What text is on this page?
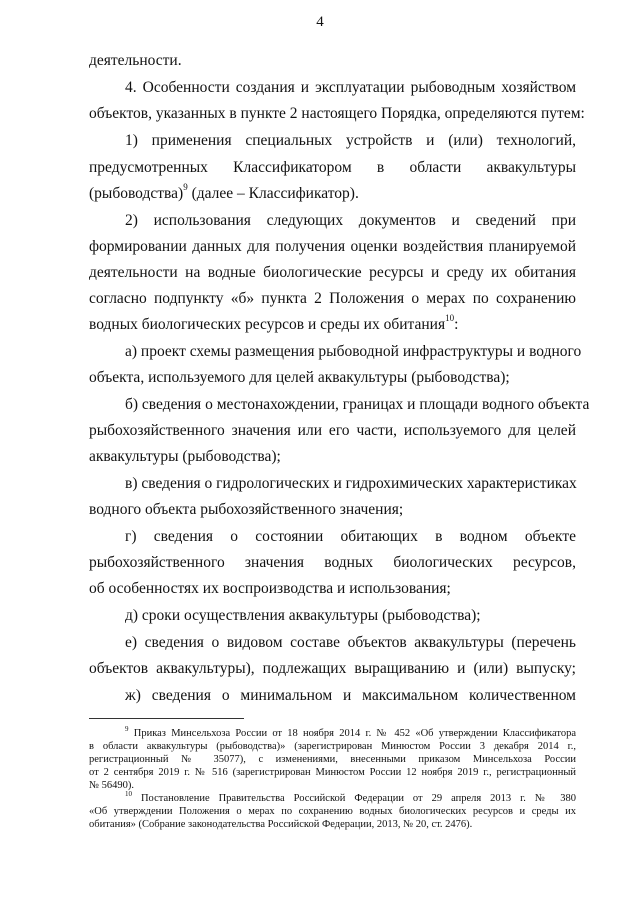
4
деятельности.
4. Особенности создания и эксплуатации рыбоводным хозяйством
объектов, указанных в пункте 2 настоящего Порядка, определяются путем:
1) применения специальных устройств и (или) технологий,
предусмотренных Классификатором в области аквакультуры
(рыбоводства)$^9$ (далее – Классификатор).
2) использования следующих документов и сведений при
формировании данных для получения оценки воздействия планируемой
деятельности на водные биологические ресурсы и среду их обитания
согласно подпункту «б» пункта 2 Положения о мерах по сохранению
водных биологических ресурсов и среды их обитания$^{10}$:
а) проект схемы размещения рыбоводной инфраструктуры и водного
объекта, используемого для целей аквакультуры (рыбоводства);
б) сведения о местонахождении, границах и площади водного объекта
рыбохозяйственного значения или его части, используемого для целей
аквакультуры (рыбоводства);
в) сведения о гидрологических и гидрохимических характеристиках
водного объекта рыбохозяйственного значения;
г) сведения о состоянии обитающих в водном объекте
рыбохозяйственного значения водных биологических ресурсов,
об особенностях их воспроизводства и использования;
д) сроки осуществления аквакультуры (рыбоводства);
е) сведения о видовом составе объектов аквакультуры (перечень
объектов аквакультуры), подлежащих выращиванию и (или) выпуску;
ж) сведения о минимальном и максимальном количественном
$^9$ Приказ Минсельхоза России от 18 ноября 2014 г. № 452 «Об утверждении Классификатора
в области аквакультуры (рыбоводства)» (зарегистрирован Минюстом России 3 декабря 2014 г.,
регистрационный № 35077), с изменениями, внесенными приказом Минсельхоза России
от 2 сентября 2019 г. № 516 (зарегистрирован Минюстом России 12 ноября 2019 г., регистрационный
№ 56490).
$^{10}$ Постановление Правительства Российской Федерации от 29 апреля 2013 г. № 380
«Об утверждении Положения о мерах по сохранению водных биологических ресурсов и среды их
обитания» (Собрание законодательства Российской Федерации, 2013, № 20, ст. 2476).
